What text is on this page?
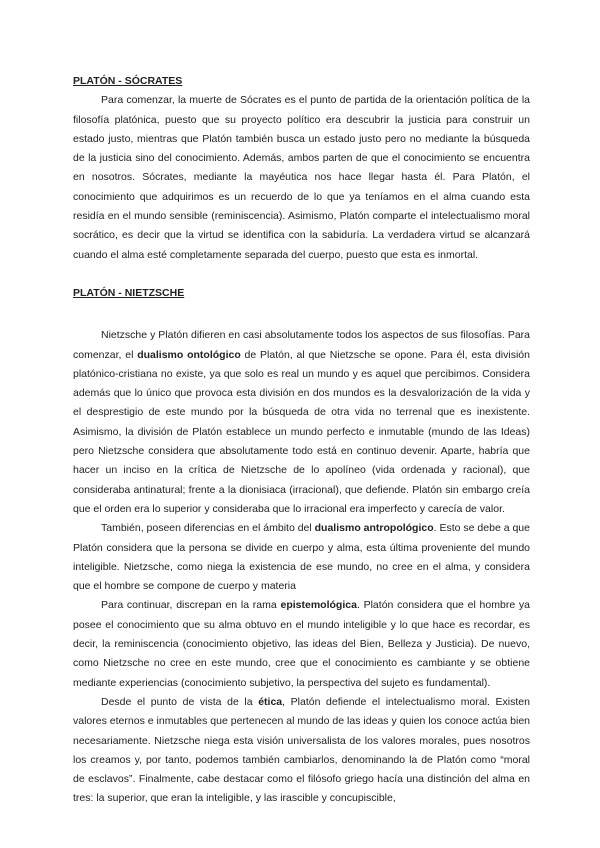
PLATÓN - SÓCRATES

Para comenzar, la muerte de Sócrates es el punto de partida de la orientación política de la filosofía platónica, puesto que su proyecto político era descubrir la justicia para construir un estado justo, mientras que Platón también busca un estado justo pero no mediante la búsqueda de la justicia sino del conocimiento. Además, ambos parten de que el conocimiento se encuentra en nosotros. Sócrates, mediante la mayéutica nos hace llegar hasta él. Para Platón, el conocimiento que adquirimos es un recuerdo de lo que ya teníamos en el alma cuando esta residía en el mundo sensible (reminiscencia). Asimismo, Platón comparte el intelectualismo moral socrático, es decir que la virtud se identifica con la sabiduría. La verdadera virtud se alcanzará cuando el alma esté completamente separada del cuerpo, puesto que esta es inmortal.

PLATÓN - NIETZSCHE

Nietzsche y Platón difieren en casi absolutamente todos los aspectos de sus filosofías. Para comenzar, el dualismo ontológico de Platón, al que Nietzsche se opone. Para él, esta división platónico-cristiana no existe, ya que solo es real un mundo y es aquel que percibimos. Considera además que lo único que provoca esta división en dos mundos es la desvalorización de la vida y el desprestigio de este mundo por la búsqueda de otra vida no terrenal que es inexistente. Asimismo, la división de Platón establece un mundo perfecto e inmutable (mundo de las Ideas) pero Nietzsche considera que absolutamente todo está en continuo devenir. Aparte, habría que hacer un inciso en la crítica de Nietzsche de lo apolíneo (vida ordenada y racional), que consideraba antinatural; frente a la dionisiaca (irracional), que defiende. Platón sin embargo creía que el orden era lo superior y consideraba que lo irracional era imperfecto y carecía de valor.

También, poseen diferencias en el ámbito del dualismo antropológico. Esto se debe a que Platón considera que la persona se divide en cuerpo y alma, esta última proveniente del mundo inteligible. Nietzsche, como niega la existencia de ese mundo, no cree en el alma, y considera que el hombre se compone de cuerpo y materia

Para continuar, discrepan en la rama epistemológica. Platón considera que el hombre ya posee el conocimiento que su alma obtuvo en el mundo inteligible y lo que hace es recordar, es decir, la reminiscencia (conocimiento objetivo, las ideas del Bien, Belleza y Justicia). De nuevo, como Nietzsche no cree en este mundo, cree que el conocimiento es cambiante y se obtiene mediante experiencias (conocimiento subjetivo, la perspectiva del sujeto es fundamental).

Desde el punto de vista de la ética, Platón defiende el intelectualismo moral. Existen valores eternos e inmutables que pertenecen al mundo de las ideas y quien los conoce actúa bien necesariamente. Nietzsche niega esta visión universalista de los valores morales, pues nosotros los creamos y, por tanto, podemos también cambiarlos, denominando la de Platón como “moral de esclavos”. Finalmente, cabe destacar como el filósofo griego hacía una distinción del alma en tres: la superior, que eran la inteligible, y las irascible y concupiscible,
